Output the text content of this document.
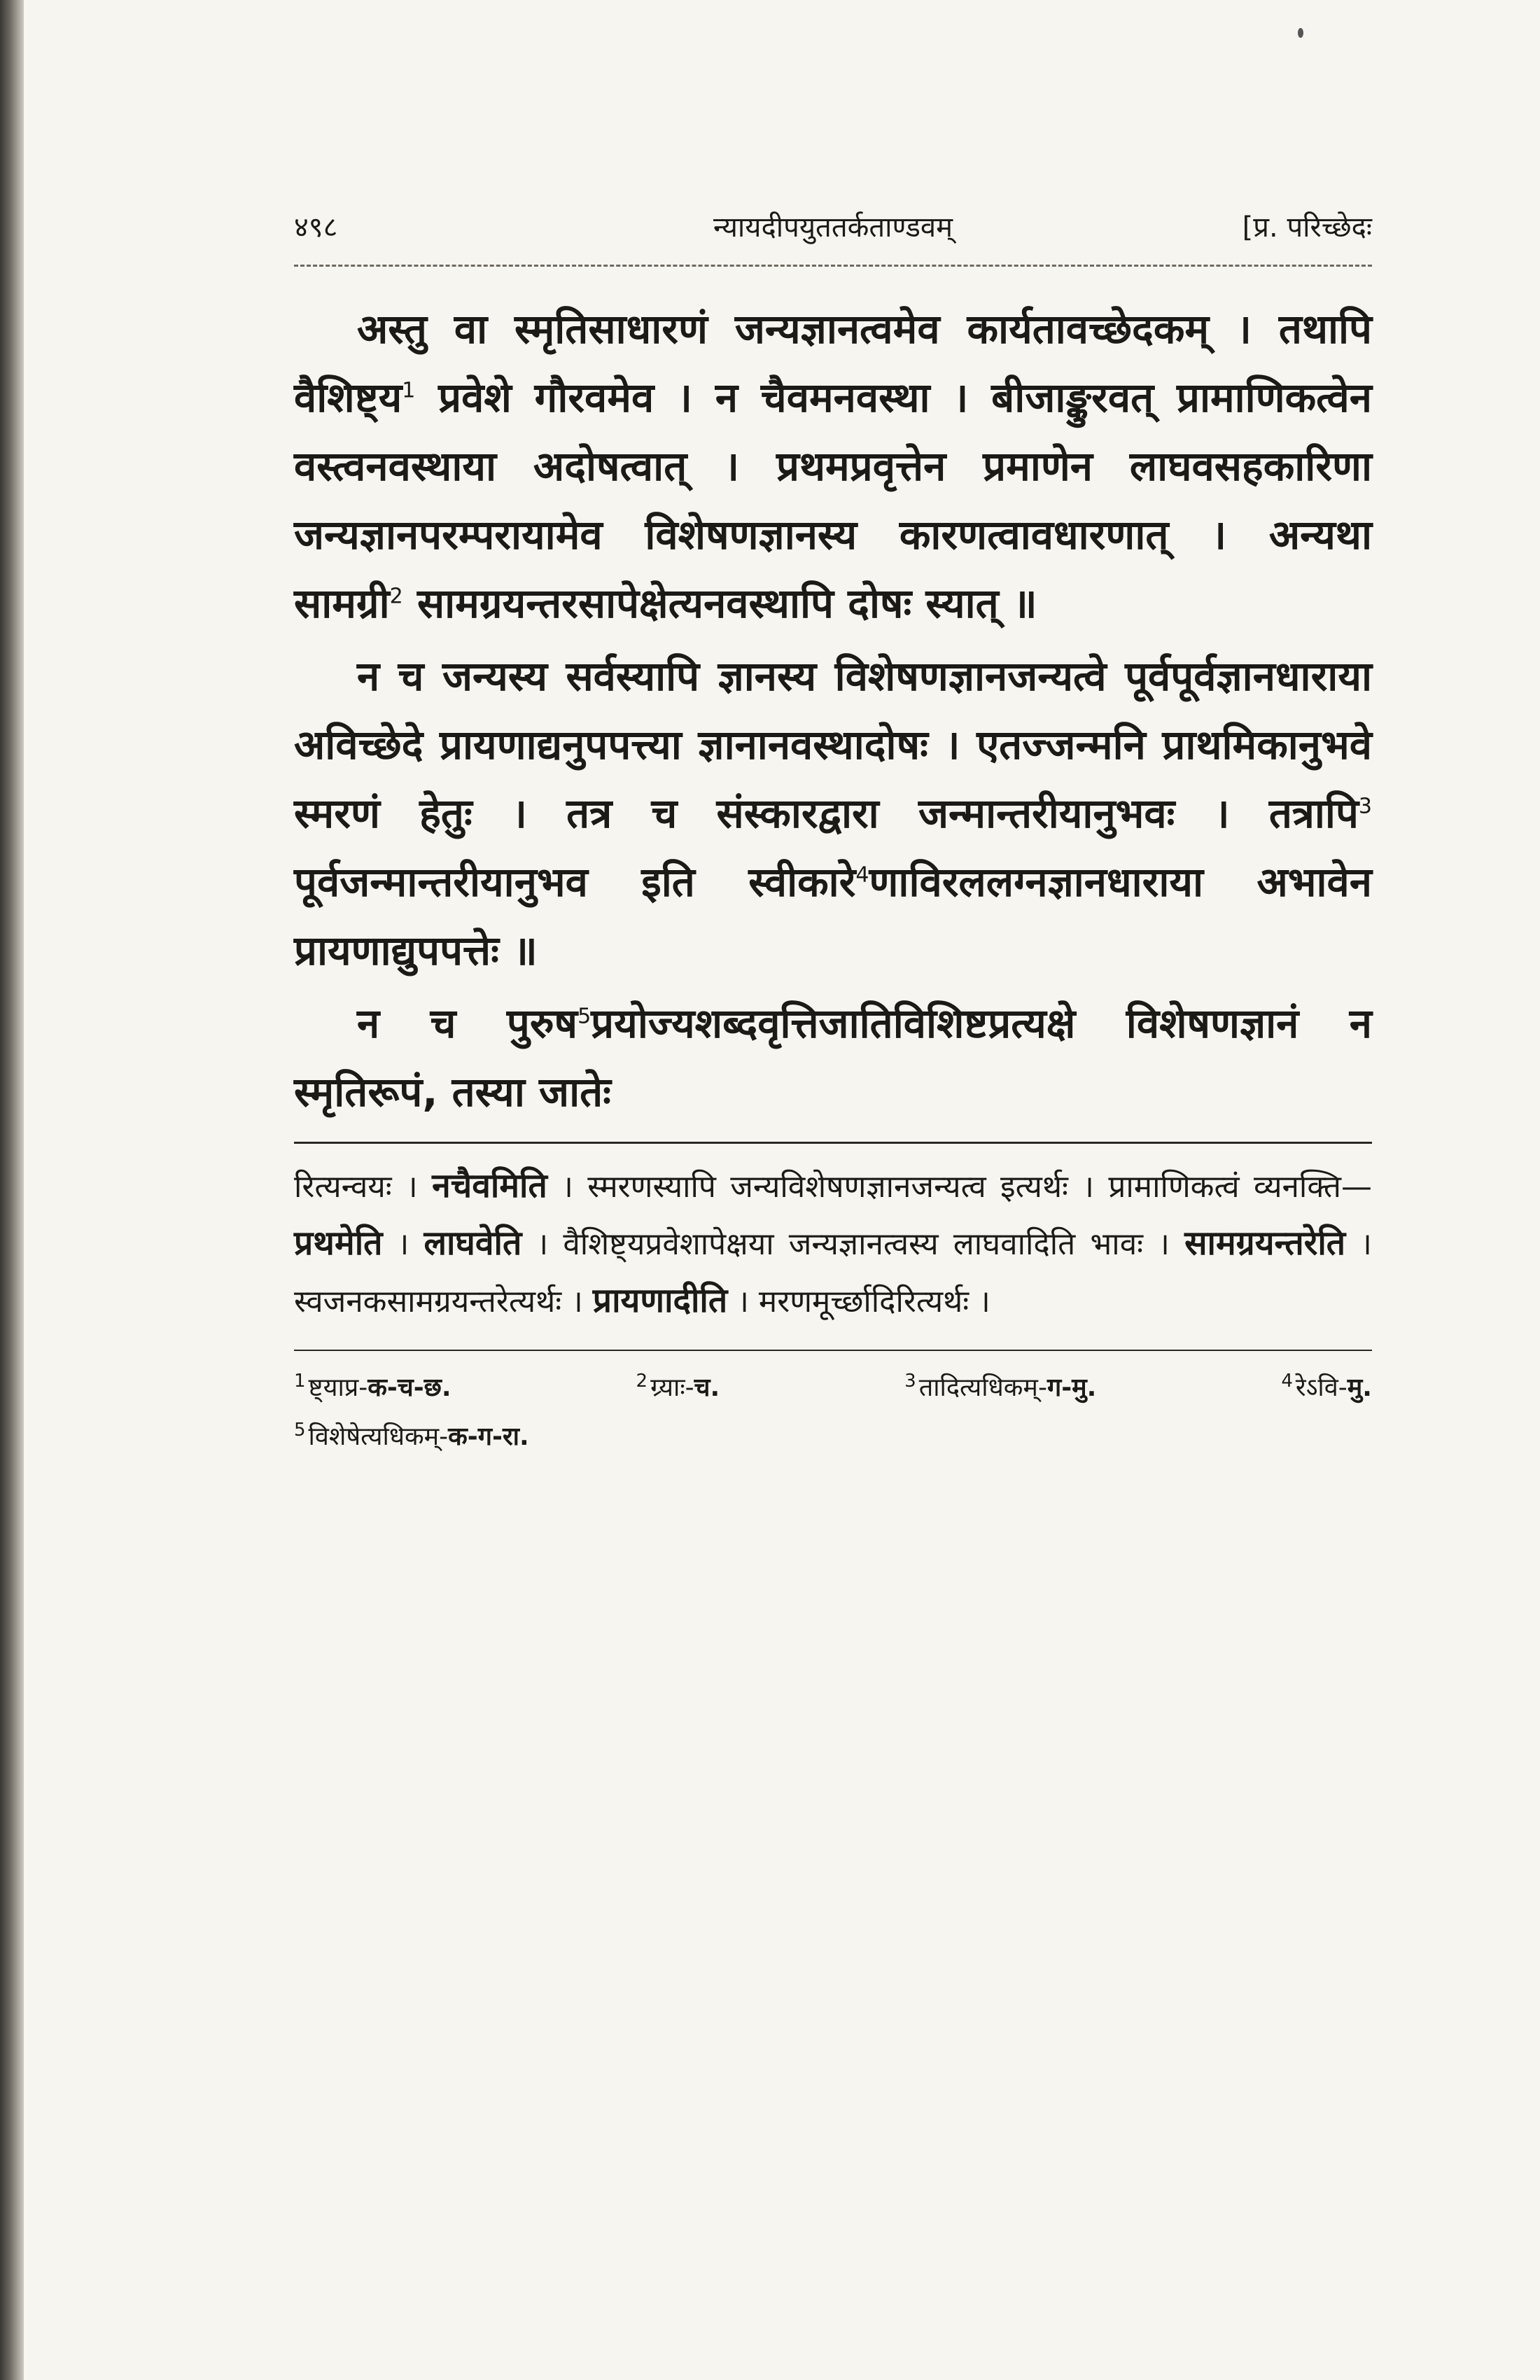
४९८	न्यायदीपयुततर्कताण्डवम्	[प्र. परिच्छेदः

अस्तु वा स्मृतिसाधारणं जन्यज्ञानत्वमेव कार्यतावच्छेदकम् । तथापि वैशिष्ट्य$^1$ प्रवेशे गौरवमेव । न चैवमनवस्था । बीजाङ्कुरवत् प्रामाणिकत्वेन वस्त्वनवस्थाया अदोषत्वात् । प्रथमप्रवृत्तेन प्रमाणेन लाघवसहकारिणा जन्यज्ञानपरम्परायामेव विशेषणज्ञानस्य कारणत्वावधारणात् । अन्यथा सामग्री$^2$ सामग्रयन्तरसापेक्षेत्यनवस्थापि दोषः स्यात् ॥

न च जन्यस्य सर्वस्यापि ज्ञानस्य विशेषणज्ञानजन्यत्वे पूर्वपूर्वज्ञानधाराया अविच्छेदे प्रायणाद्यनुपपत्त्या ज्ञानानवस्थादोषः । एतज्जन्मनि प्राथमिकानुभवे स्मरणं हेतुः । तत्र च संस्कारद्वारा जन्मान्तरीयानुभवः । तत्रापि$^3$ पूर्वजन्मान्तरीयानुभव इति स्वीकारे$^4$णाविरललग्नज्ञानधाराया अभावेन प्रायणाद्युपपत्तेः ॥

न च पुरुष$^5$प्रयोज्यशब्दवृत्तिजातिविशिष्टप्रत्यक्षे विशेषणज्ञानं न स्मृतिरूपं, तस्या जातेः

रित्यन्वयः । नचैवमिति । स्मरणस्यापि जन्यविशेषणज्ञानजन्यत्व इत्यर्थः । प्रामाणिकत्वं व्यनक्ति—प्रथमेति । लाघवेति । वैशिष्ट्यप्रवेशापेक्षया जन्यज्ञानत्वस्य लाघवादिति भावः । सामग्रयन्तरेति । स्वजनकसामग्रयन्तरेत्यर्थः । प्रायणादीति । मरणमूर्च्छादिरित्यर्थः ।

$^1$ ष्ट्याप्र-क-च-छ.	$^2$ ग्र्याः-च.	$^3$ तादित्यधिकम्-ग-मु.	$^4$ रेऽवि-मु.
$^5$ विशेषेत्यधिकम्-क-ग-रा.
